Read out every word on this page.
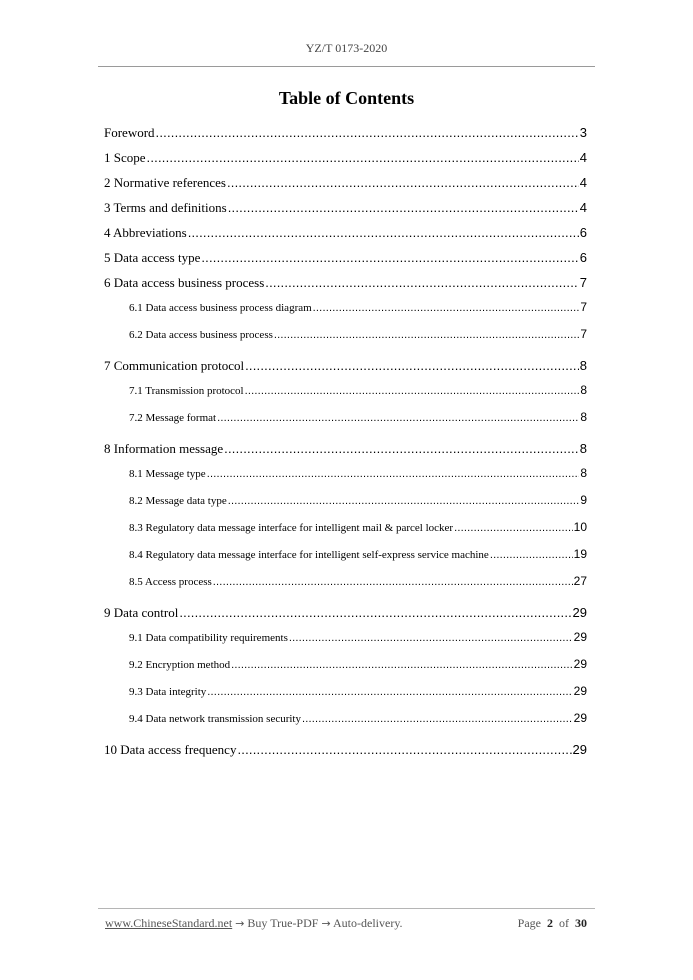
YZ/T 0173-2020
Table of Contents
Foreword .....	3
1 Scope .....	4
2 Normative references .....	4
3 Terms and definitions .....	4
4 Abbreviations .....	6
5 Data access type .....	6
6 Data access business process .....	7
6.1 Data access business process diagram .....	7
6.2 Data access business process .....	7
7 Communication protocol .....	8
7.1 Transmission protocol .....	8
7.2 Message format .....	8
8 Information message .....	8
8.1 Message type .....	8
8.2 Message data type .....	9
8.3 Regulatory data message interface for intelligent mail & parcel locker .....	10
8.4 Regulatory data message interface for intelligent self-express service machine .....	19
8.5 Access process .....	27
9 Data control .....	29
9.1 Data compatibility requirements .....	29
9.2 Encryption method .....	29
9.3 Data integrity .....	29
9.4 Data network transmission security .....	29
10 Data access frequency .....	29
www.ChineseStandard.net → Buy True-PDF → Auto-delivery.	Page 2 of 30
